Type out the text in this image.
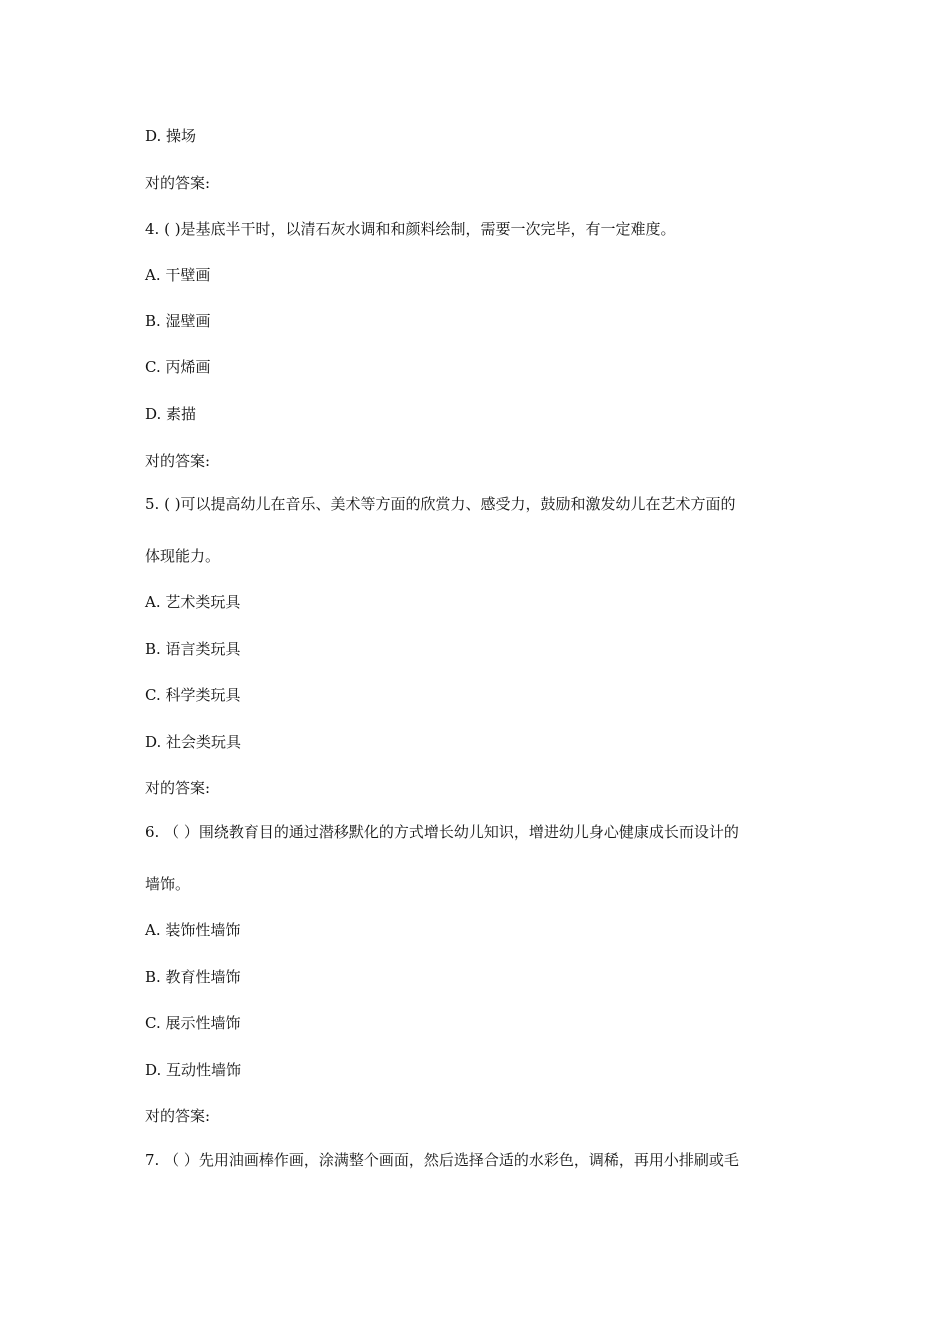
D. 操场
对的答案:
4. ( )是基底半干时，以清石灰水调和和颜料绘制，需要一次完毕，有一定难度。
A. 干壁画
B. 湿壁画
C. 丙烯画
D. 素描
对的答案:
5. ( )可以提高幼儿在音乐、美术等方面的欣赏力、感受力，鼓励和激发幼儿在艺术方面的
体现能力。
A. 艺术类玩具
B. 语言类玩具
C. 科学类玩具
D. 社会类玩具
对的答案:
6. （ ）围绕教育目的通过潜移默化的方式增长幼儿知识，增进幼儿身心健康成长而设计的
墙饰。
A. 装饰性墙饰
B. 教育性墙饰
C. 展示性墙饰
D. 互动性墙饰
对的答案:
7. （ ）先用油画棒作画，涂满整个画面，然后选择合适的水彩色，调稀，再用小排刷或毛
